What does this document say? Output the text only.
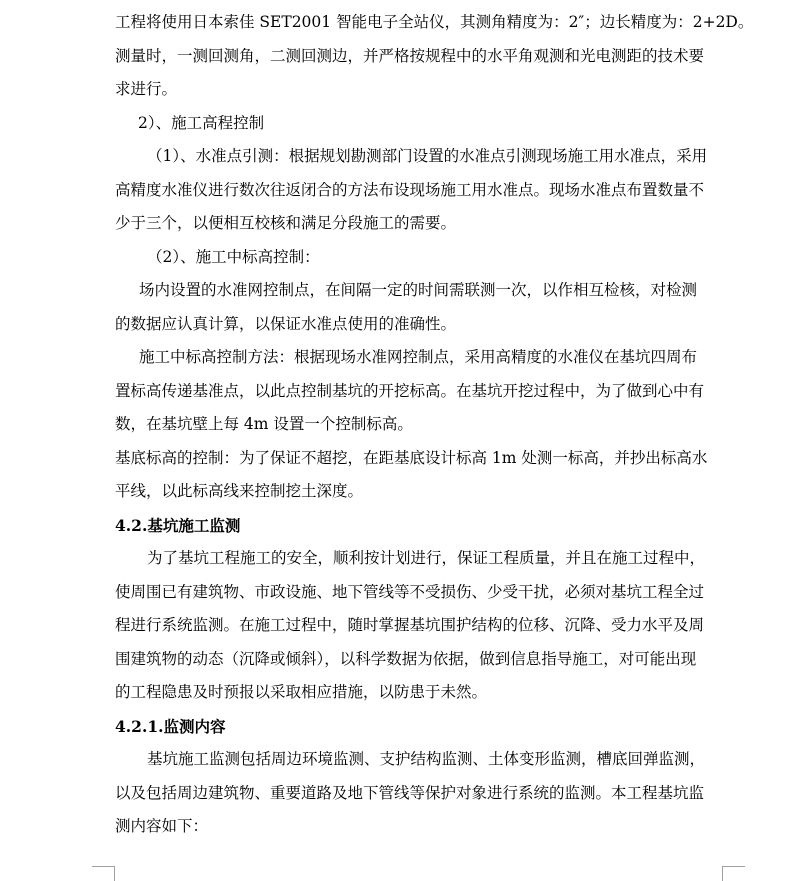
工程将使用日本索佳 SET2001 智能电子全站仪，其测角精度为：2″；边长精度为：2+2D。
测量时，一测回测角，二测回测边，并严格按规程中的水平角观测和光电测距的技术要
求进行。
2）、施工高程控制
（1）、水准点引测：根据规划勘测部门设置的水准点引测现场施工用水准点，采用
高精度水准仪进行数次往返闭合的方法布设现场施工用水准点。现场水准点布置数量不
少于三个，以便相互校核和满足分段施工的需要。
（2）、施工中标高控制：
场内设置的水准网控制点，在间隔一定的时间需联测一次，以作相互检核，对检测
的数据应认真计算，以保证水准点使用的准确性。
施工中标高控制方法：根据现场水准网控制点，采用高精度的水准仪在基坑四周布
置标高传递基准点，以此点控制基坑的开挖标高。在基坑开挖过程中，为了做到心中有
数，在基坑壁上每 4m 设置一个控制标高。
基底标高的控制：为了保证不超挖，在距基底设计标高 1m 处测一标高，并抄出标高水
平线，以此标高线来控制挖土深度。
4.2.基坑施工监测
为了基坑工程施工的安全，顺利按计划进行，保证工程质量，并且在施工过程中，
使周围已有建筑物、市政设施、地下管线等不受损伤、少受干扰，必须对基坑工程全过
程进行系统监测。在施工过程中，随时掌握基坑围护结构的位移、沉降、受力水平及周
围建筑物的动态（沉降或倾斜），以科学数据为依据，做到信息指导施工，对可能出现
的工程隐患及时预报以采取相应措施，以防患于未然。
4.2.1.监测内容
基坑施工监测包括周边环境监测、支护结构监测、土体变形监测，槽底回弹监测，
以及包括周边建筑物、重要道路及地下管线等保护对象进行系统的监测。本工程基坑监
测内容如下：
